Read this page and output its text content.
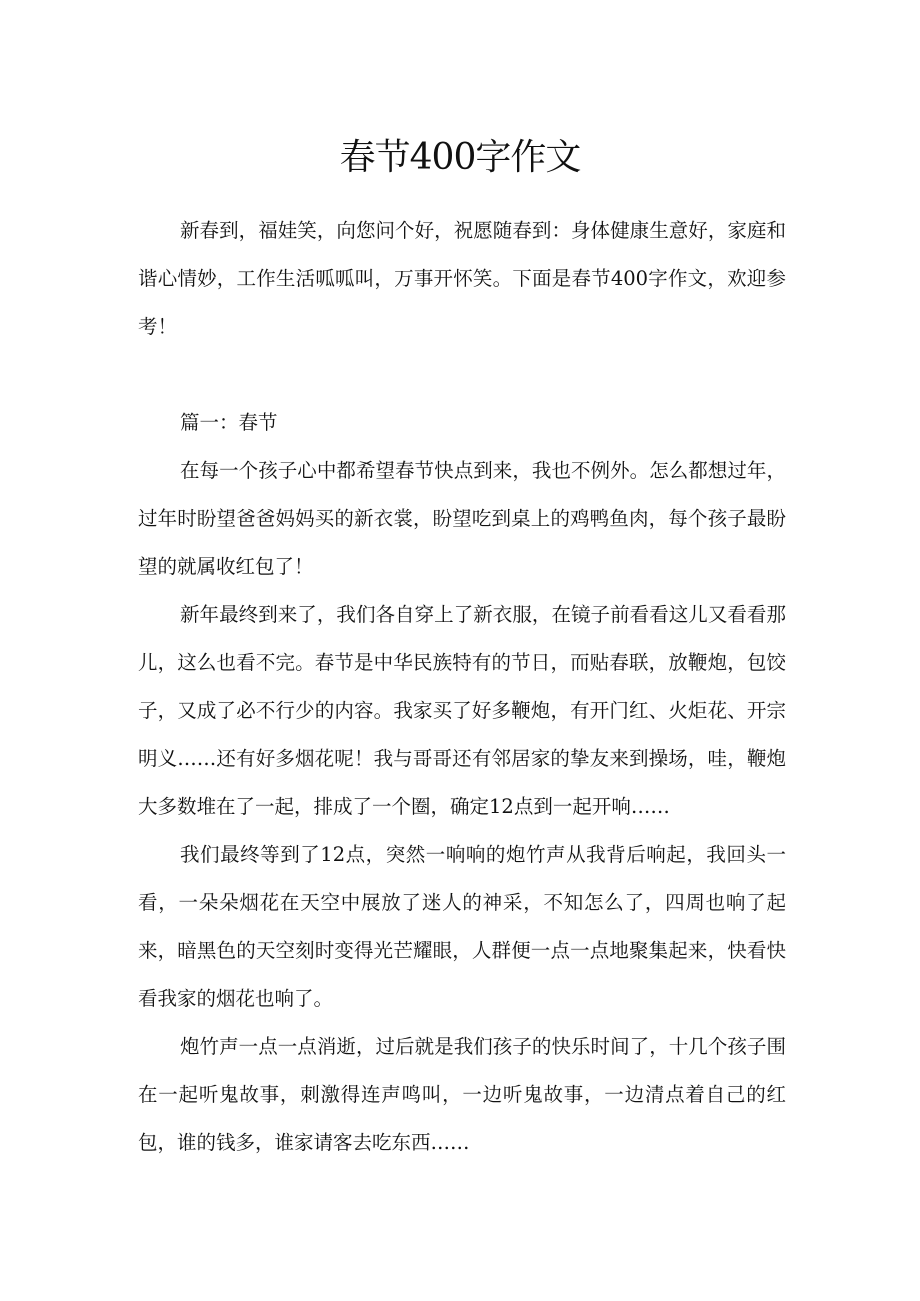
春节400字作文

新春到，福娃笑，向您问个好，祝愿随春到：身体健康生意好，家庭和谐心情妙，工作生活呱呱叫，万事开怀笑。下面是春节400字作文，欢迎参考！

篇一：春节

在每一个孩子心中都希望春节快点到来，我也不例外。怎么都想过年，过年时盼望爸爸妈妈买的新衣裳，盼望吃到桌上的鸡鸭鱼肉，每个孩子最盼望的就属收红包了！

新年最终到来了，我们各自穿上了新衣服，在镜子前看看这儿又看看那儿，这么也看不完。春节是中华民族特有的节日，而贴春联，放鞭炮，包饺子，又成了必不行少的内容。我家买了好多鞭炮，有开门红、火炬花、开宗明义……还有好多烟花呢！我与哥哥还有邻居家的挚友来到操场，哇，鞭炮大多数堆在了一起，排成了一个圈，确定12点到一起开响……

我们最终等到了12点，突然一响响的炮竹声从我背后响起，我回头一看，一朵朵烟花在天空中展放了迷人的神采，不知怎么了，四周也响了起来，暗黑色的天空刻时变得光芒耀眼，人群便一点一点地聚集起来，快看快看我家的烟花也响了。

炮竹声一点一点消逝，过后就是我们孩子的快乐时间了，十几个孩子围在一起听鬼故事，刺激得连声鸣叫，一边听鬼故事，一边清点着自己的红包，谁的钱多，谁家请客去吃东西……
